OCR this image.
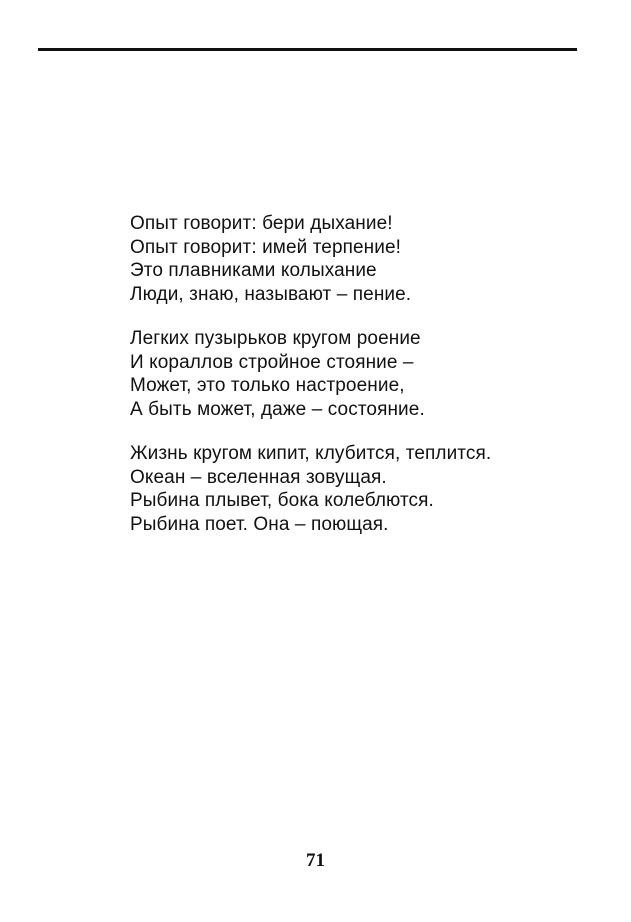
Опыт говорит: бери дыхание!
Опыт говорит: имей терпение!
Это плавниками колыхание
Люди, знаю, называют – пение.
Легких пузырьков кругом роение
И кораллов стройное стояние –
Может, это только настроение,
А быть может, даже – состояние.
Жизнь кругом кипит, клубится, теплится.
Океан – вселенная зовущая.
Рыбина плывет, бока колеблются.
Рыбина поет. Она – поющая.
71
